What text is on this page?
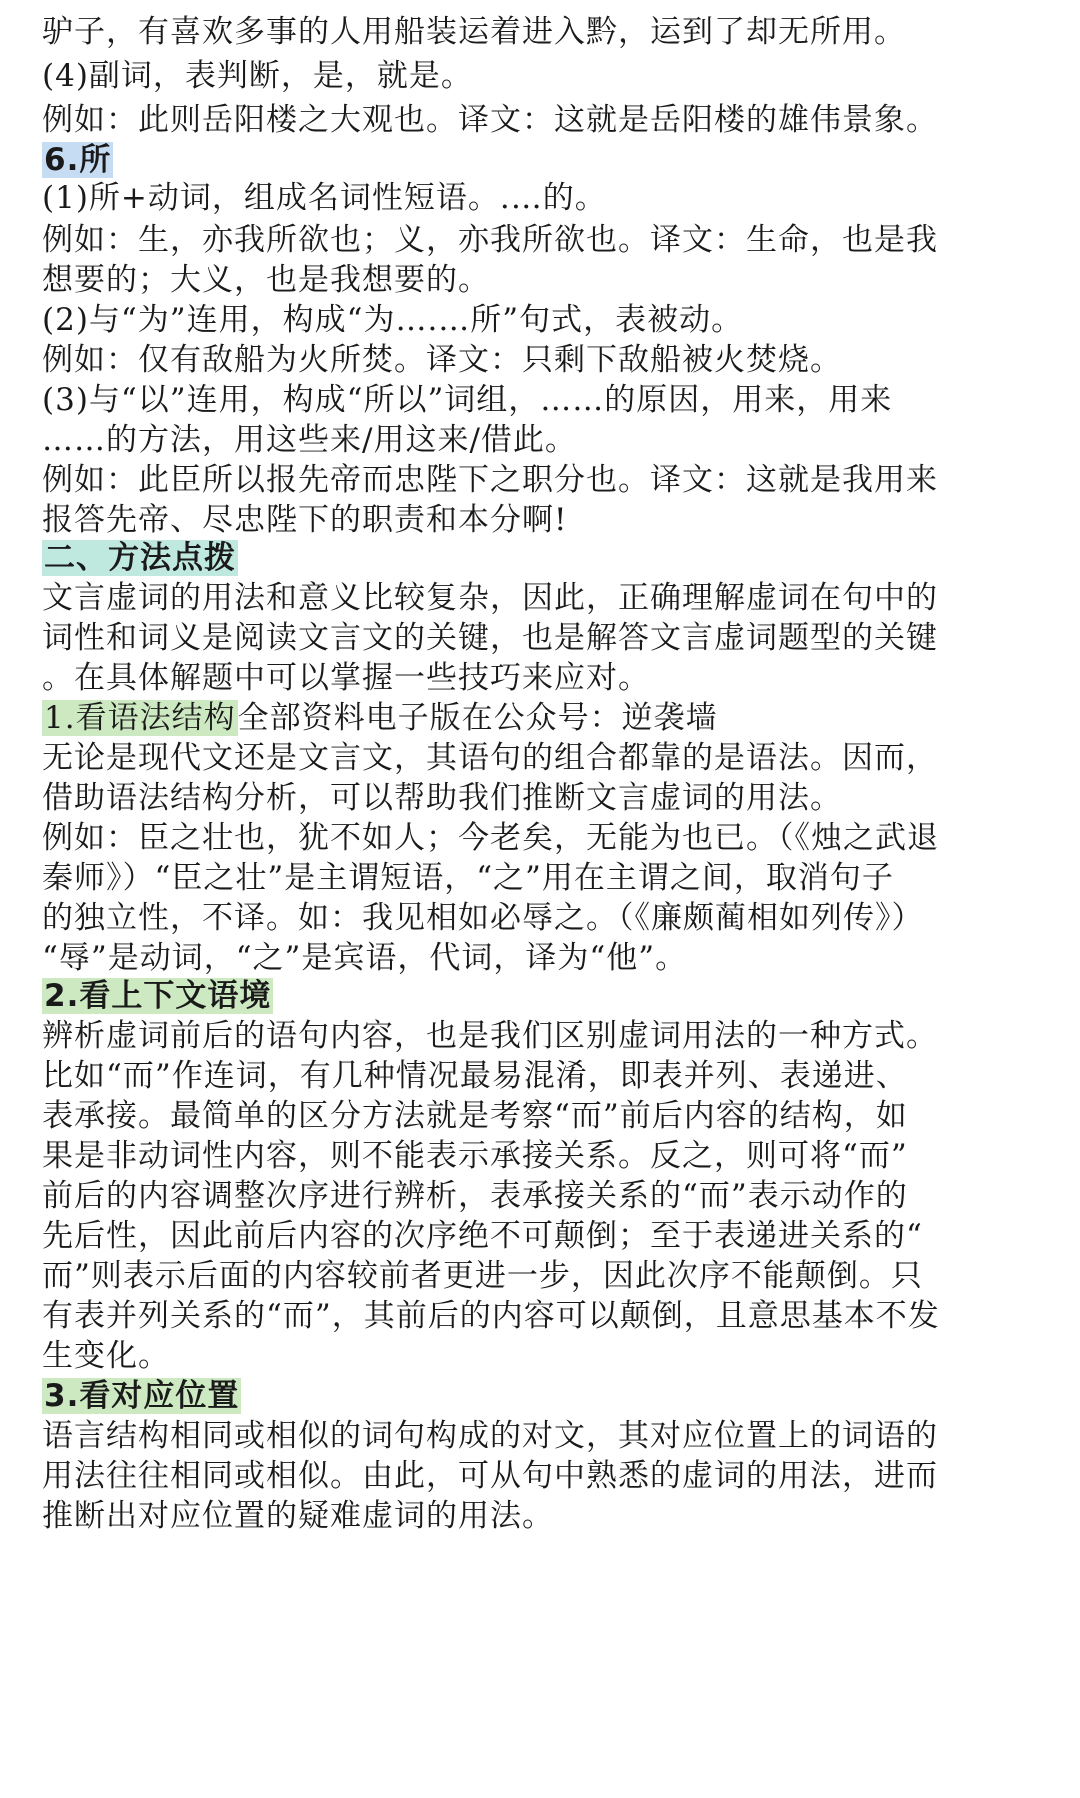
驴子，有喜欢多事的人用船装运着进入黔，运到了却无所用。
(4)副词，表判断，是，就是。
例如：此则岳阳楼之大观也。译文：这就是岳阳楼的雄伟景象。
6.所
(1)所+动词，组成名词性短语。.…的。
例如：生，亦我所欲也；义，亦我所欲也。译文：生命，也是我
想要的；大义，也是我想要的。
(2)与“为”连用，构成“为….…所”句式，表被动。
例如：仅有敌船为火所焚。译文：只剩下敌船被火焚烧。
(3)与“以”连用，构成“所以”词组，……的原因，用来，用来
……的方法，用这些来/用这来/借此。
例如：此臣所以报先帝而忠陛下之职分也。译文：这就是我用来
报答先帝、尽忠陛下的职责和本分啊!
二、方法点拨
文言虚词的用法和意义比较复杂，因此，正确理解虚词在句中的
词性和词义是阅读文言文的关键，也是解答文言虚词题型的关键
。在具体解题中可以掌握一些技巧来应对。
1.看语法结构全部资料电子版在公众号：逆袭墙
无论是现代文还是文言文，其语句的组合都靠的是语法。因而，
借助语法结构分析，可以帮助我们推断文言虚词的用法。
例如：臣之壮也，犹不如人；今老矣，无能为也已。（《烛之武退
秦师》）“臣之壮”是主谓短语，“之”用在主谓之间，取消句子
的独立性，不译。如：我见相如必辱之。（《廉颇蔺相如列传》）
“辱”是动词，“之”是宾语，代词，译为“他”。
2.看上下文语境
辨析虚词前后的语句内容，也是我们区别虚词用法的一种方式。
比如“而”作连词，有几种情况最易混淆，即表并列、表递进、
表承接。最简单的区分方法就是考察“而”前后内容的结构，如
果是非动词性内容，则不能表示承接关系。反之，则可将“而”
前后的内容调整次序进行辨析，表承接关系的“而”表示动作的
先后性，因此前后内容的次序绝不可颠倒；至于表递进关系的“
而”则表示后面的内容较前者更进一步，因此次序不能颠倒。只
有表并列关系的“而”，其前后的内容可以颠倒，且意思基本不发
生变化。
3.看对应位置
语言结构相同或相似的词句构成的对文，其对应位置上的词语的
用法往往相同或相似。由此，可从句中熟悉的虚词的用法，进而
推断出对应位置的疑难虚词的用法。
